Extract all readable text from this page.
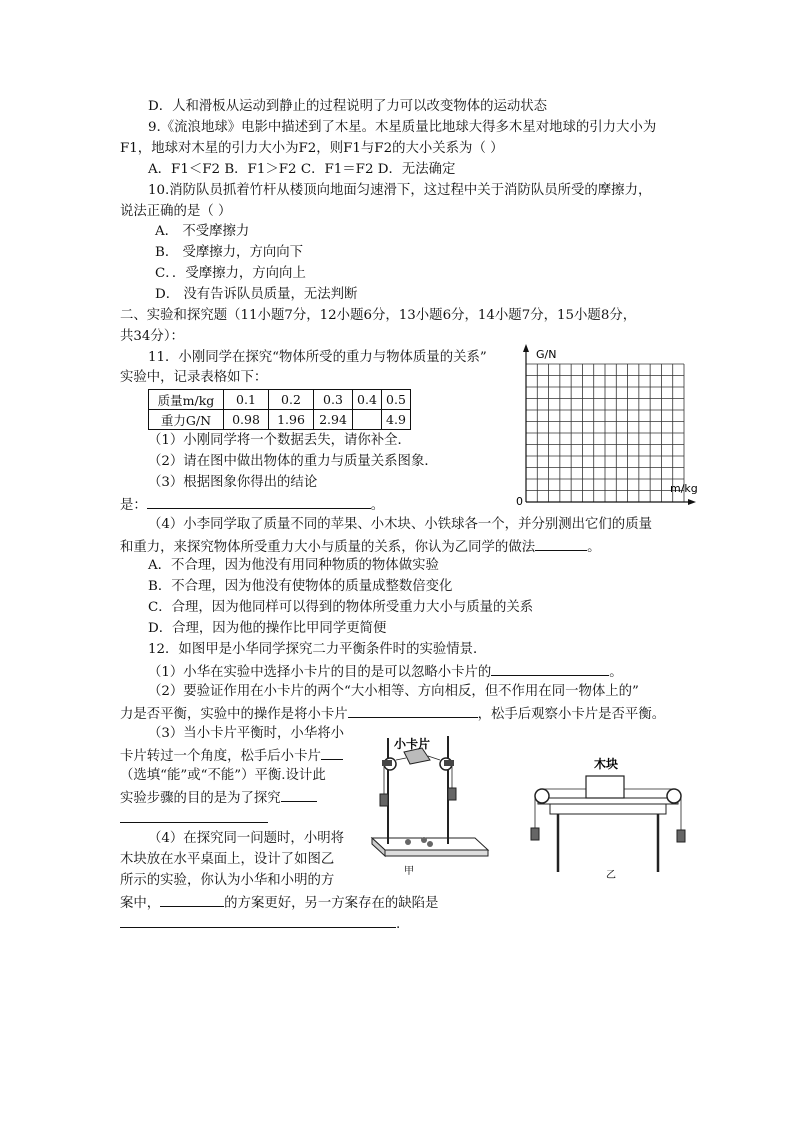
D．人和滑板从运动到静止的过程说明了力可以改变物体的运动状态
9.《流浪地球》电影中描述到了木星。木星质量比地球大得多木星对地球的引力大小为
F1，地球对木星的引力大小为F2，则F1与F2的大小关系为（ ）
A．F1＜F2 B．F1＞F2 C．F1＝F2 D．无法确定
10.消防队员抓着竹杆从楼顶向地面匀速滑下，这过程中关于消防队员所受的摩擦力，
说法正确的是（ ）
A． 不受摩擦力
B． 受摩擦力，方向向下
C．．受摩擦力，方向向上
D． 没有告诉队员质量，无法判断
二、实验和探究题（11小题7分，12小题6分，13小题6分，14小题7分，15小题8分，
共34分）：
11．小刚同学在探究“物体所受的重力与物体质量的关系”
实验中，记录表格如下：
质量m/kg	0.1	0.2	0.3	0.4	0.5
重力G/N	0.98	1.96	2.94		4.9
（1）小刚同学将一个数据丢失，请你补全．
（2）请在图中做出物体的重力与质量关系图象．
（3）根据图象你得出的结论
是：	。
（4）小李同学取了质量不同的苹果、小木块、小铁球各一个，并分别测出它们的质量
和重力，来探究物体所受重力大小与质量的关系，你认为乙同学的做法	。
A．不合理，因为他没有用同种物质的物体做实验
B．不合理，因为他没有使物体的质量成整数倍变化
C．合理，因为他同样可以得到的物体所受重力大小与质量的关系
D．合理，因为他的操作比甲同学更简便
12．如图甲是小华同学探究二力平衡条件时的实验情景．
（1）小华在实验中选择小卡片的目的是可以忽略小卡片的	。
（2）要验证作用在小卡片的两个“大小相等、方向相反，但不作用在同一物体上的”
力是否平衡，实验中的操作是将小卡片	，松手后观察小卡片是否平衡。
（3）当小卡片平衡时，小华将小
卡片转过一个角度，松手后小卡片
（选填“能”或“不能”）平衡.设计此
实验步骤的目的是为了探究
（4）在探究同一问题时，小明将
木块放在水平桌面上，设计了如图乙
所示的实验，你认为小华和小明的方
案中，	的方案更好，另一方案存在的缺陷是
.
G/N
m/kg
0
小卡片
甲
木块
乙
